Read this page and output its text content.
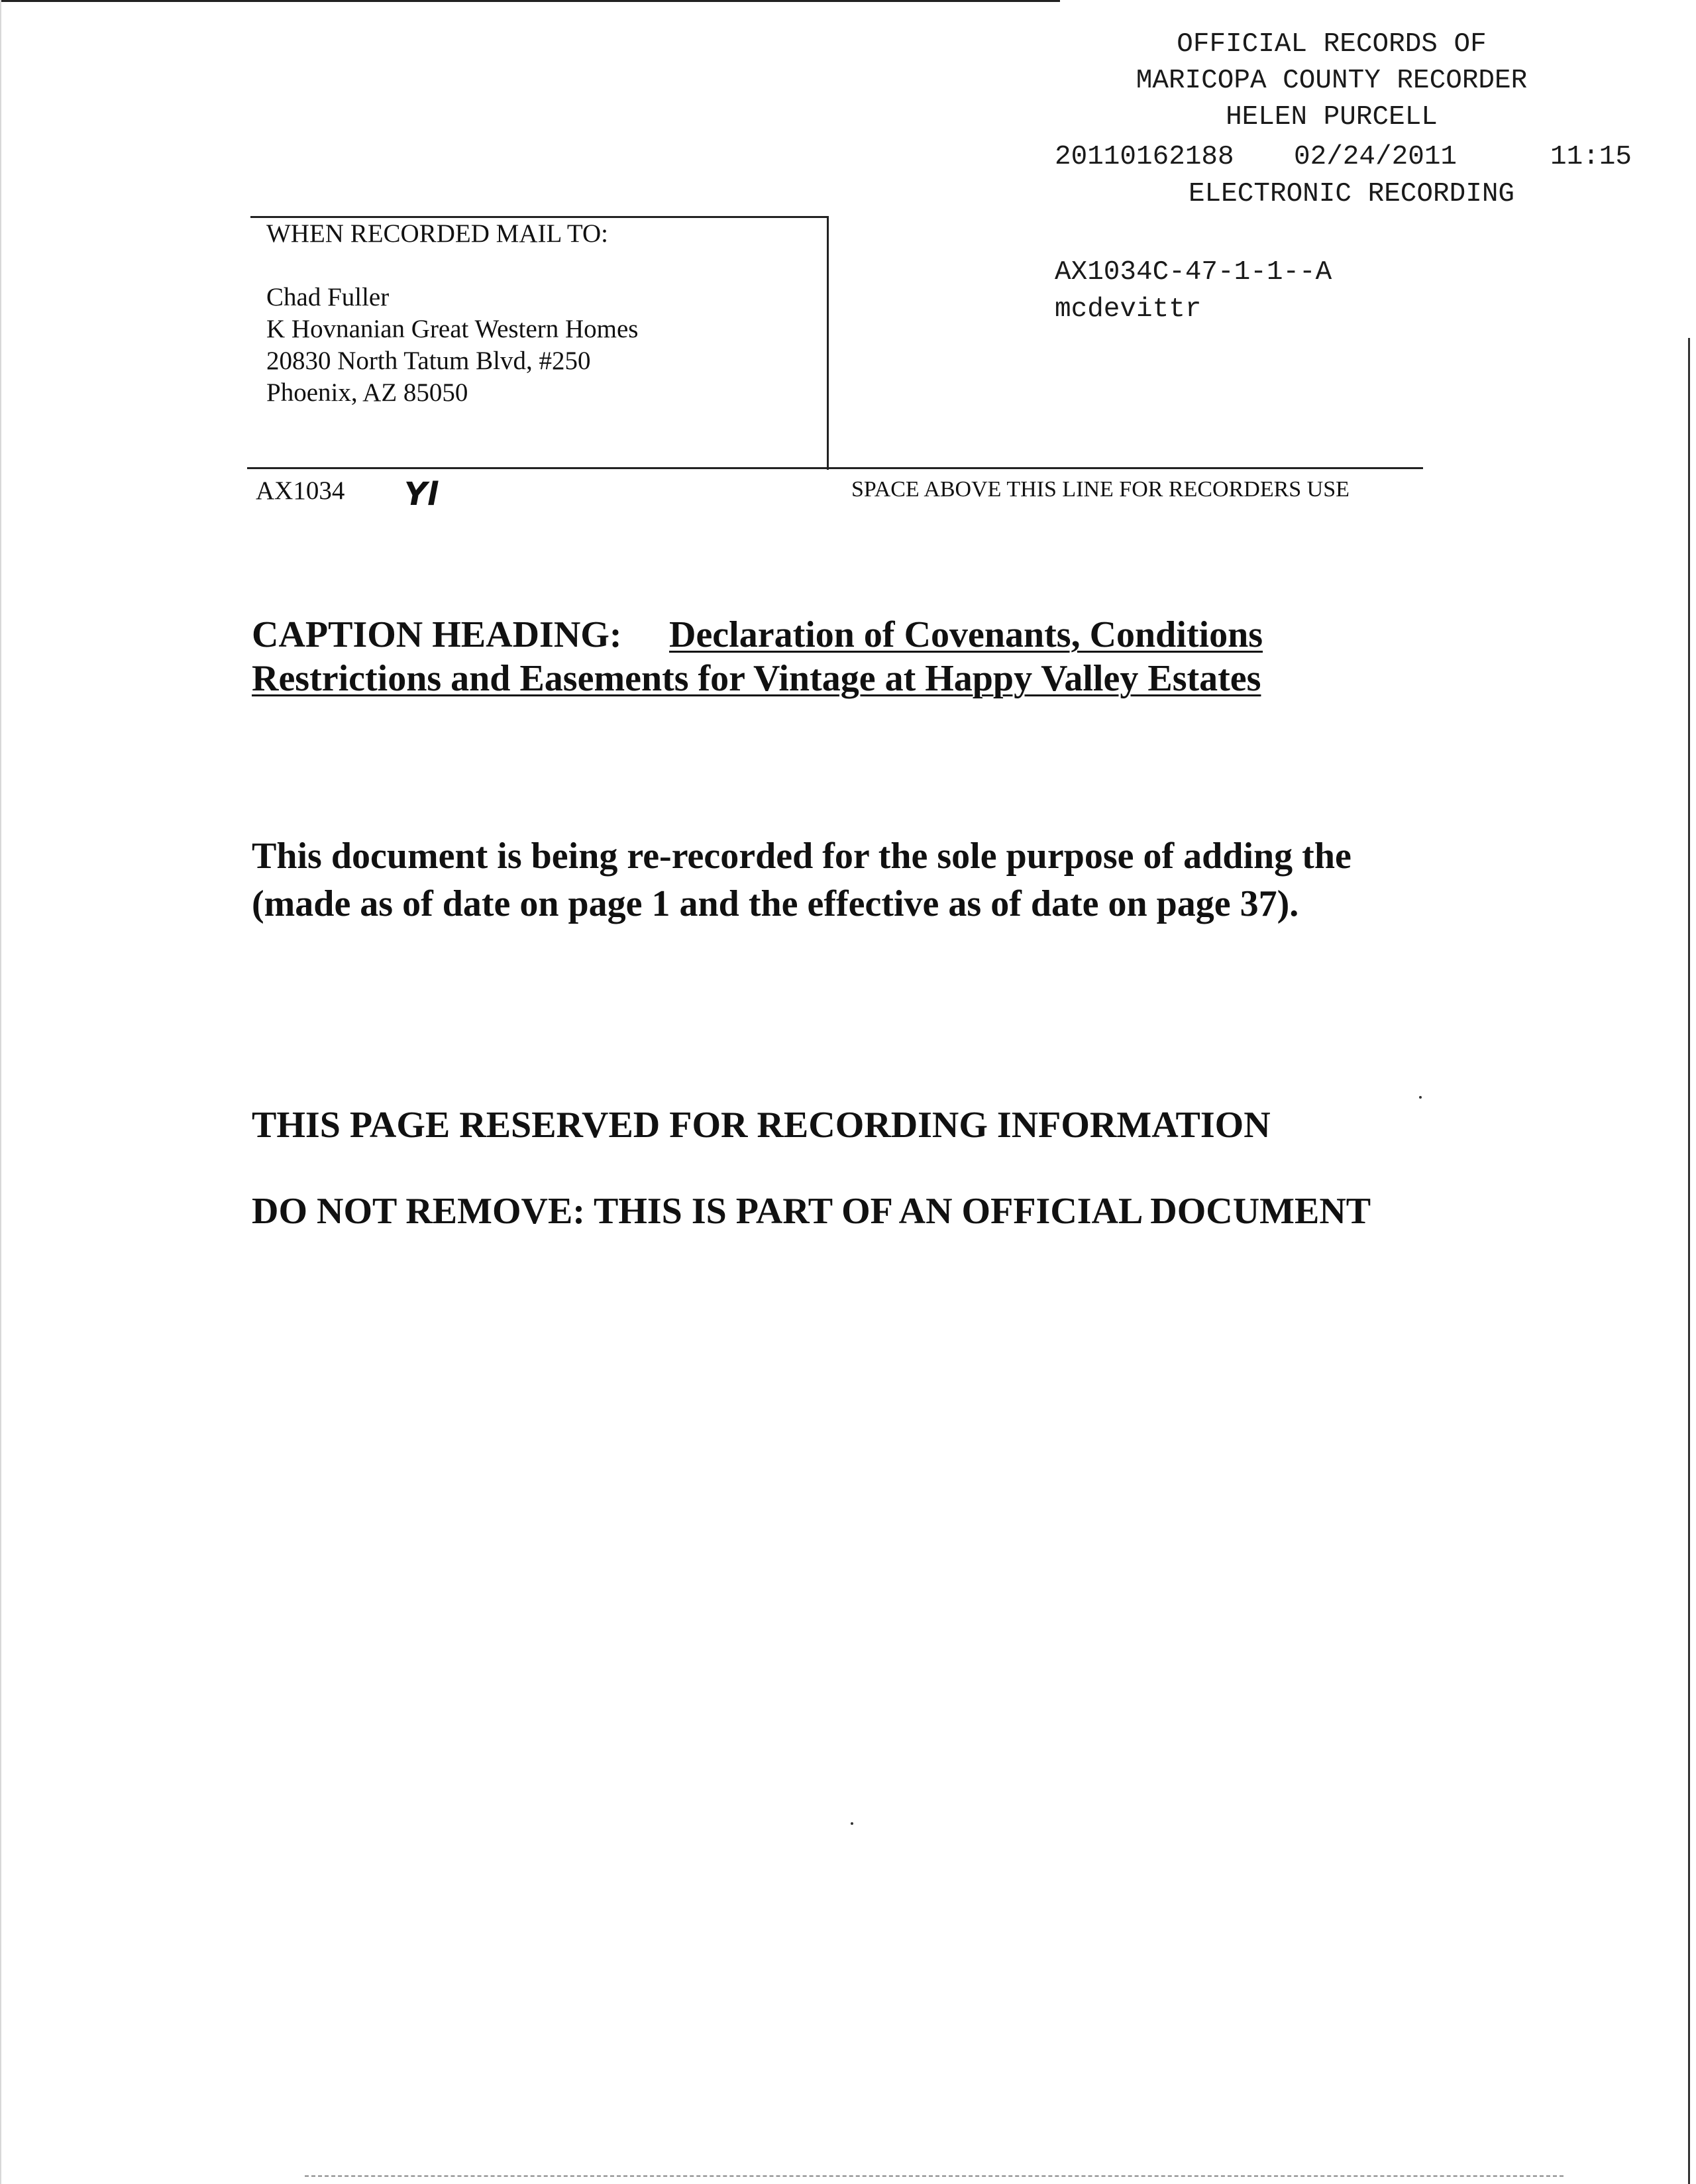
OFFICIAL RECORDS OF
MARICOPA COUNTY RECORDER
HELEN PURCELL
20110162188 02/24/2011	11:15
ELECTRONIC RECORDING
AX1034C-47-1-1--A
mcdevittr
WHEN RECORDED MAIL TO:
Chad Fuller
K Hovnanian Great Western Homes
20830 North Tatum Blvd, #250
Phoenix, AZ 85050
AX1034 Yl	SPACE ABOVE THIS LINE FOR RECORDERS USE
CAPTION HEADING: Declaration of Covenants, Conditions
Restrictions and Easements for Vintage at Happy Valley Estates
This document is being re-recorded for the sole purpose of adding the
(made as of date on page 1 and the effective as of date on page 37).
THIS PAGE RESERVED FOR RECORDING INFORMATION
DO NOT REMOVE: THIS IS PART OF AN OFFICIAL DOCUMENT
